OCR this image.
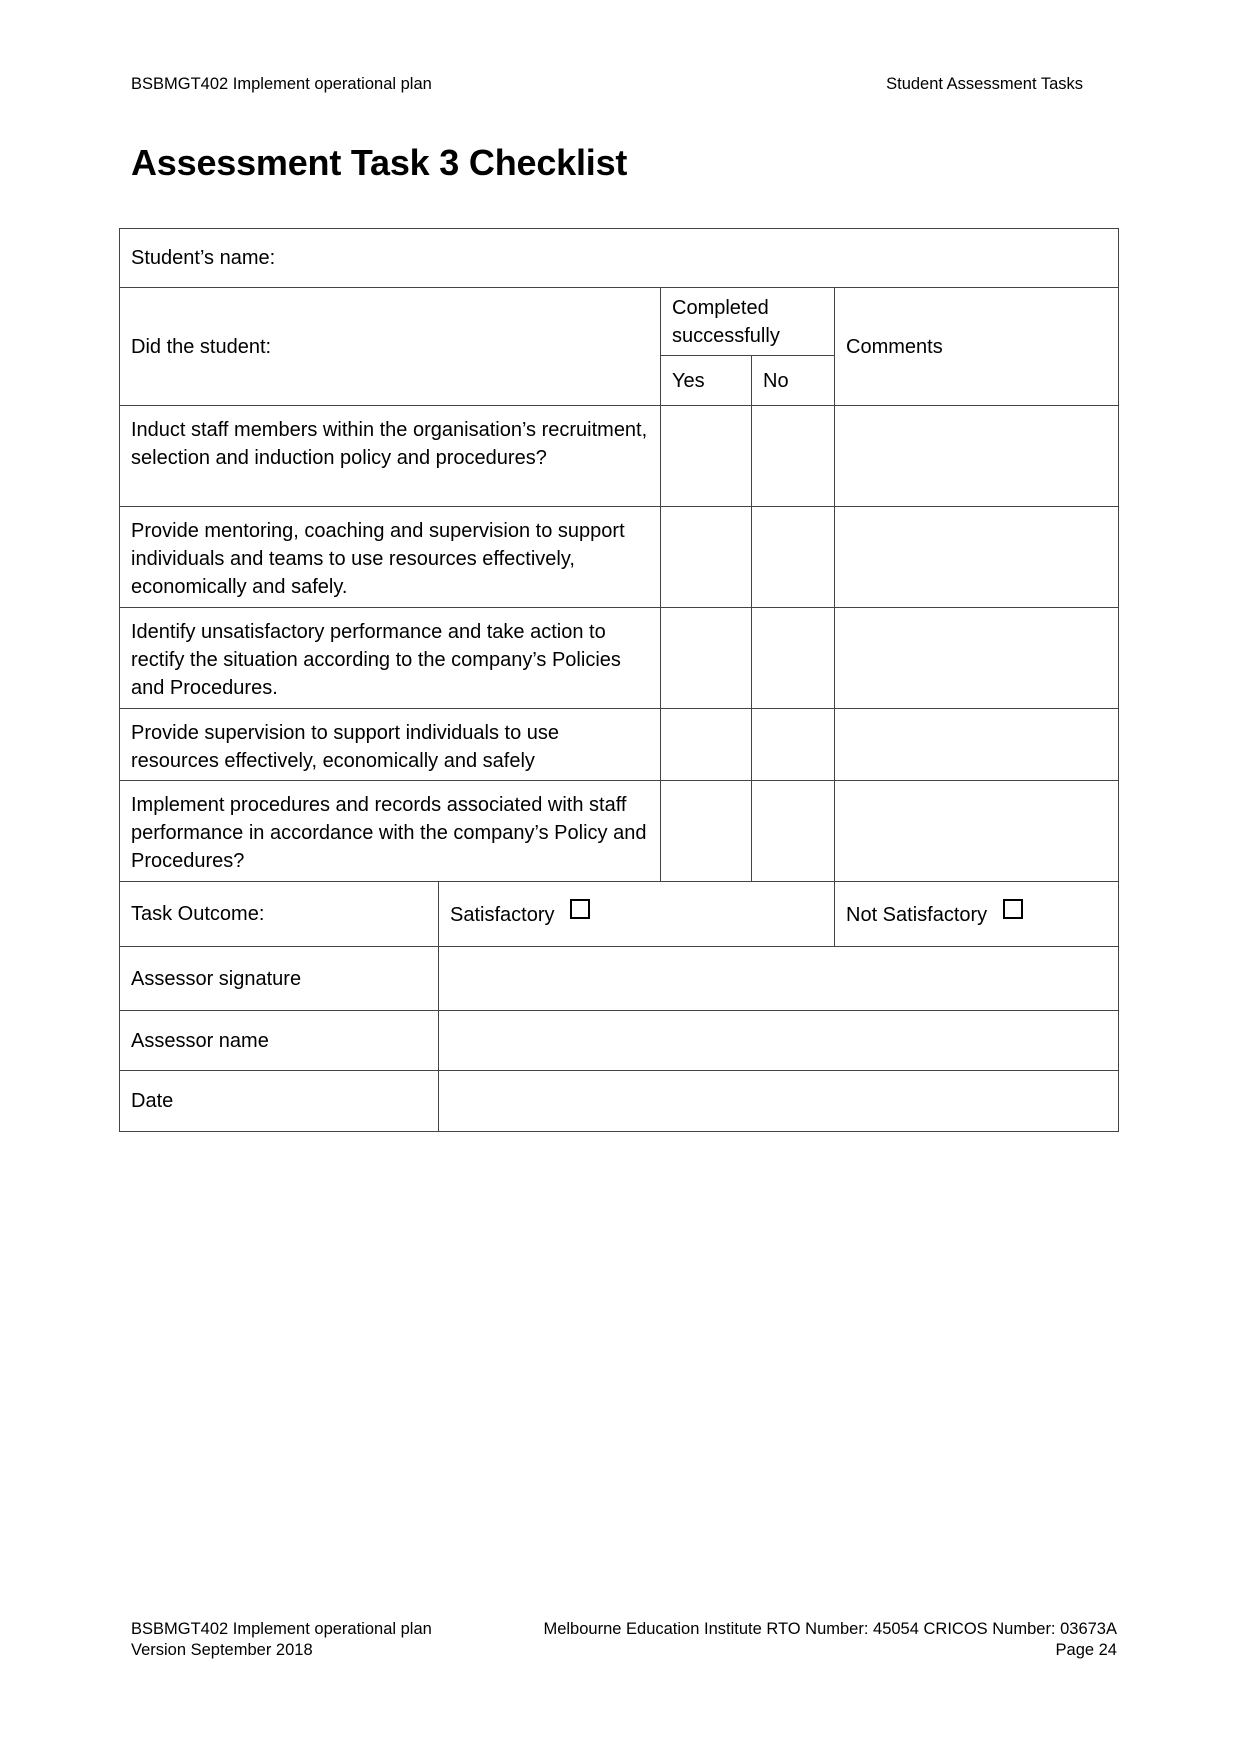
BSBMGT402 Implement operational plan	Student Assessment Tasks
Assessment Task 3 Checklist
Student’s name:				
Did the student:		Completed successfully		Comments
		Yes	No	
Induct staff members within the organisation’s recruitment, selection and induction policy and procedures?				
Provide mentoring, coaching and supervision to support individuals and teams to use resources effectively, economically and safely.				
Identify unsatisfactory performance and take action to rectify the situation according to the company’s Policies and Procedures.				
Provide supervision to support individuals to use resources effectively, economically and safely				
Implement procedures and records associated with staff performance in accordance with the company’s Policy and Procedures?				
Task Outcome:	Satisfactory			Not Satisfactory
Assessor signature				
Assessor name				
Date				
BSBMGT402 Implement operational plan
Version September 2018
Melbourne Education Institute RTO Number: 45054 CRICOS Number: 03673A
Page 24
